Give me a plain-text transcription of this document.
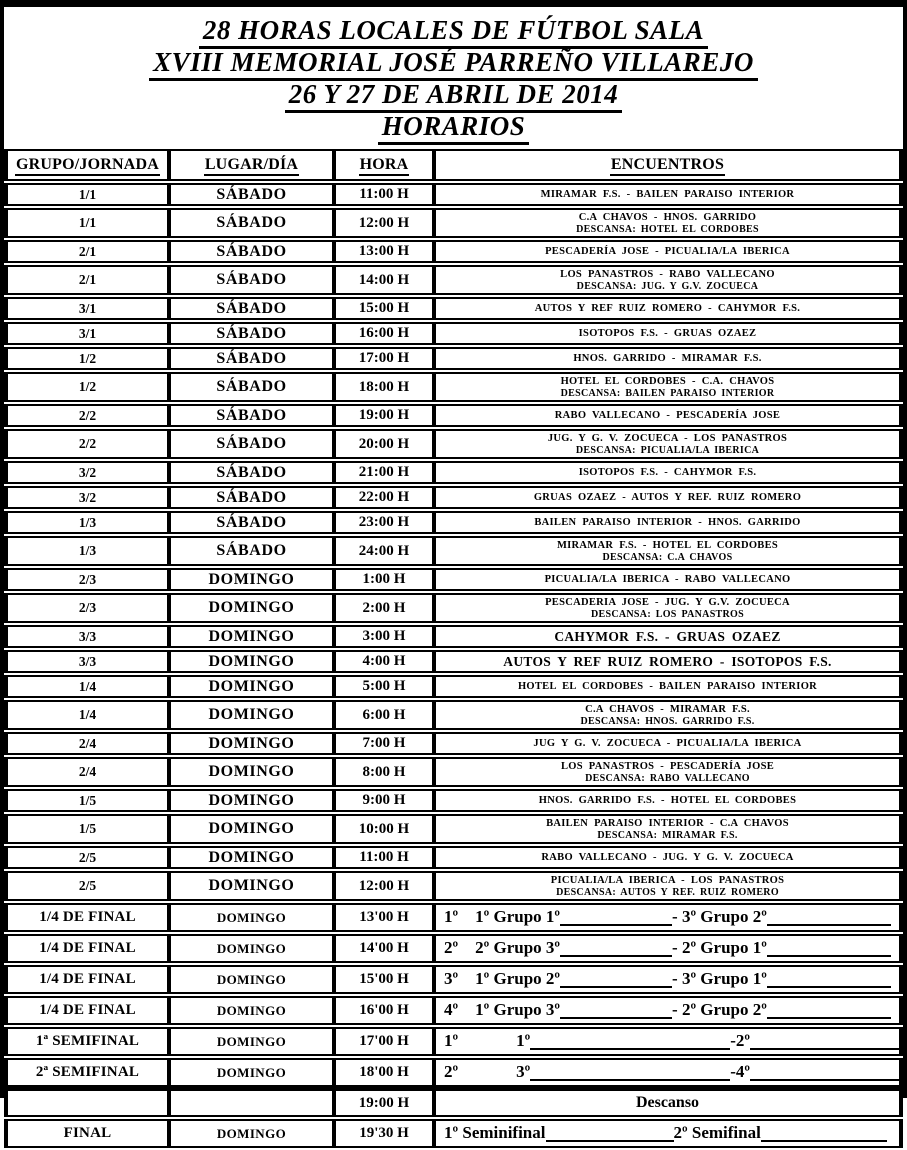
28 HORAS LOCALES DE FÚTBOL SALA
XVIII MEMORIAL JOSÉ PARREÑO VILLAREJO
26 Y 27 DE ABRIL DE 2014
HORARIOS
GRUPO/JORNADA	LUGAR/DÍA	HORA	ENCUENTROS
1/1	SÁBADO	11:00 H	MIRAMAR F.S. - BAILEN PARAISO INTERIOR

1/1	SÁBADO	12:00 H	C.A CHAVOS - HNOS. GARRIDO
DESCANSA: HOTEL EL CORDOBES

2/1	SÁBADO	13:00 H	PESCADERÍA JOSE - PICUALIA/LA IBERICA

2/1	SÁBADO	14:00 H	LOS PANASTROS - RABO VALLECANO
DESCANSA: JUG. Y G.V. ZOCUECA

3/1	SÁBADO	15:00 H	AUTOS Y REF RUIZ ROMERO - CAHYMOR F.S.

3/1	SÁBADO	16:00 H	ISOTOPOS F.S. - GRUAS OZAEZ

1/2	SÁBADO	17:00 H	HNOS. GARRIDO - MIRAMAR F.S.

1/2	SÁBADO	18:00 H	HOTEL EL CORDOBES - C.A. CHAVOS
DESCANSA: BAILEN PARAISO INTERIOR

2/2	SÁBADO	19:00 H	RABO VALLECANO - PESCADERÍA JOSE

2/2	SÁBADO	20:00 H	JUG. Y G. V. ZOCUECA - LOS PANASTROS
DESCANSA: PICUALIA/LA IBERICA

3/2	SÁBADO	21:00 H	ISOTOPOS F.S. - CAHYMOR F.S.

3/2	SÁBADO	22:00 H	GRUAS OZAEZ - AUTOS Y REF. RUIZ ROMERO

1/3	SÁBADO	23:00 H	BAILEN PARAISO INTERIOR - HNOS. GARRIDO

1/3	SÁBADO	24:00 H	MIRAMAR F.S. - HOTEL EL CORDOBES
DESCANSA: C.A CHAVOS

2/3	DOMINGO	1:00 H	PICUALIA/LA IBERICA - RABO VALLECANO

2/3	DOMINGO	2:00 H	PESCADERIA JOSE - JUG. Y G.V. ZOCUECA
DESCANSA: LOS PANASTROS

3/3	DOMINGO	3:00 H	CAHYMOR F.S. - GRUAS OZAEZ

3/3	DOMINGO	4:00 H	AUTOS Y REF RUIZ ROMERO - ISOTOPOS F.S.

1/4	DOMINGO	5:00 H	HOTEL EL CORDOBES - BAILEN PARAISO INTERIOR

1/4	DOMINGO	6:00 H	C.A CHAVOS - MIRAMAR F.S.
DESCANSA: HNOS. GARRIDO F.S.

2/4	DOMINGO	7:00 H	JUG Y G. V. ZOCUECA - PICUALIA/LA IBERICA

2/4	DOMINGO	8:00 H	LOS PANASTROS - PESCADERÍA JOSE
DESCANSA: RABO VALLECANO

1/5	DOMINGO	9:00 H	HNOS. GARRIDO F.S. - HOTEL EL CORDOBES

1/5	DOMINGO	10:00 H	BAILEN PARAISO INTERIOR - C.A CHAVOS
DESCANSA: MIRAMAR F.S.

2/5	DOMINGO	11:00 H	RABO VALLECANO - JUG. Y G. V. ZOCUECA

2/5	DOMINGO	12:00 H	PICUALIA/LA IBERICA - LOS PANASTROS
DESCANSA: AUTOS Y REF. RUIZ ROMERO

1/4 DE FINAL	DOMINGO	13'00 H	1º 1º Grupo 1º - 3º Grupo 2º

1/4 DE FINAL	DOMINGO	14'00 H	2º 2º Grupo 3º - 2º Grupo 1º

1/4 DE FINAL	DOMINGO	15'00 H	3º 1º Grupo 2º - 3º Grupo 1º

1/4 DE FINAL	DOMINGO	16'00 H	4º 1º Grupo 3º - 2º Grupo 2º

1ª SEMIFINAL	DOMINGO	17'00 H	1º 1º -2º

2ª SEMIFINAL	DOMINGO	18'00 H	2º 3º -4º

		19:00 H	Descanso

FINAL	DOMINGO	19'30 H	1º Seminifinal 2º Semifinal
